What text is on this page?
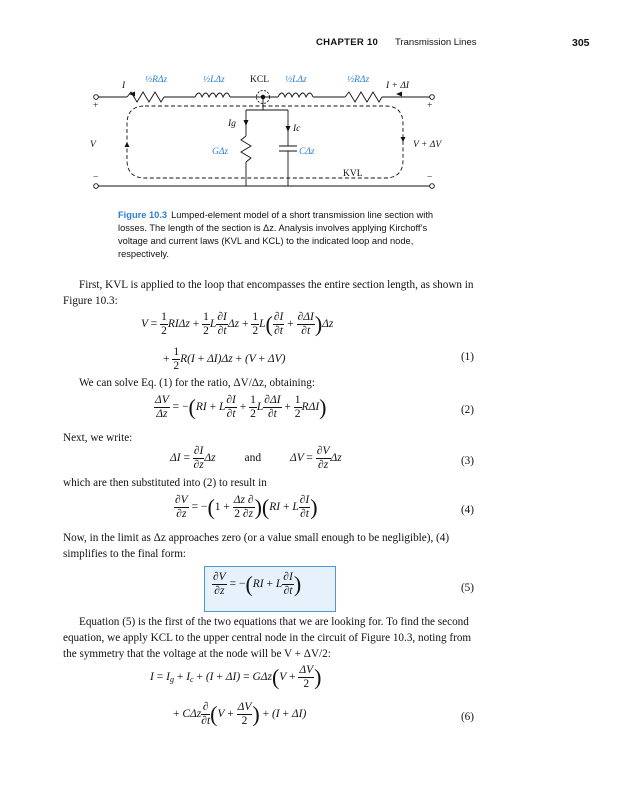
CHAPTER 10 Transmission Lines	305
½RΔz	½LΔz	KCL ½LΔz	½RΔz
I	I + ΔI
V	V + ΔV
Ig	Ic
GΔz	CΔz
KVL
+	+
−	−
Figure 10.3 Lumped-element model of a short transmission line section with losses. The length of the section is Δz. Analysis involves applying Kirchoff’s voltage and current laws (KVL and KCL) to the indicated loop and node, respectively.
First, KVL is applied to the loop that encompasses the entire section length, as shown in Figure 10.3:
$V = \frac{1}{2}$ $RI\Delta z + \frac{1}{2}$ L $\frac{\partial I}{\partial t}$ $\Delta z + \frac{1}{2} L( \frac{\partial I}{\partial t} + \frac{\partial\Delta I}{\partial t} )\Delta z$
+ $\frac{1}{2} R(I + \Delta I)\Delta z + (V + \Delta V)$	(1)
We can solve Eq. (1) for the ratio, ΔV/Δz, obtaining:
$\frac{\Delta V}{\Delta z} = -(RI + L \frac{\partial I}{\partial t} + \frac{1}{2}$ L $\frac{\partial\Delta I}{\partial t} + \frac{1}{2} R\Delta I$)	(2)
Next, we write:
$\Delta I = \frac{\partial I}{\partial z}$ Δz and $\Delta V = \frac{\partial V}{\partial z}$ Δz	(3)
which are then substituted into (2) to result in
$\frac{\partial V}{\partial z} = -(1 + \frac{\Delta z \partial}{2 \partial z} )(RI + L \frac{\partial I}{\partial t}$ )	(4)
Now, in the limit as Δz approaches zero (or a value small enough to be negligible), (4) simplifies to the final form:
$\frac{\partial V}{\partial z} = -(RI + L \frac{\partial I}{\partial t}$ )	(5)
Equation (5) is the first of the two equations that we are looking for. To find the second equation, we apply KCL to the upper central node in the circuit of Figure 10.3, noting from the symmetry that the voltage at the node will be V + ΔV/2:
$I = I_g + I_c + (I + \Delta I) = G\Delta z(V + \frac{\Delta V}{2}$ )
+ CΔz $\frac{\partial}{\partial t} (V + \frac{\Delta V}{2}$ ) + (I + ΔI)	(6)
